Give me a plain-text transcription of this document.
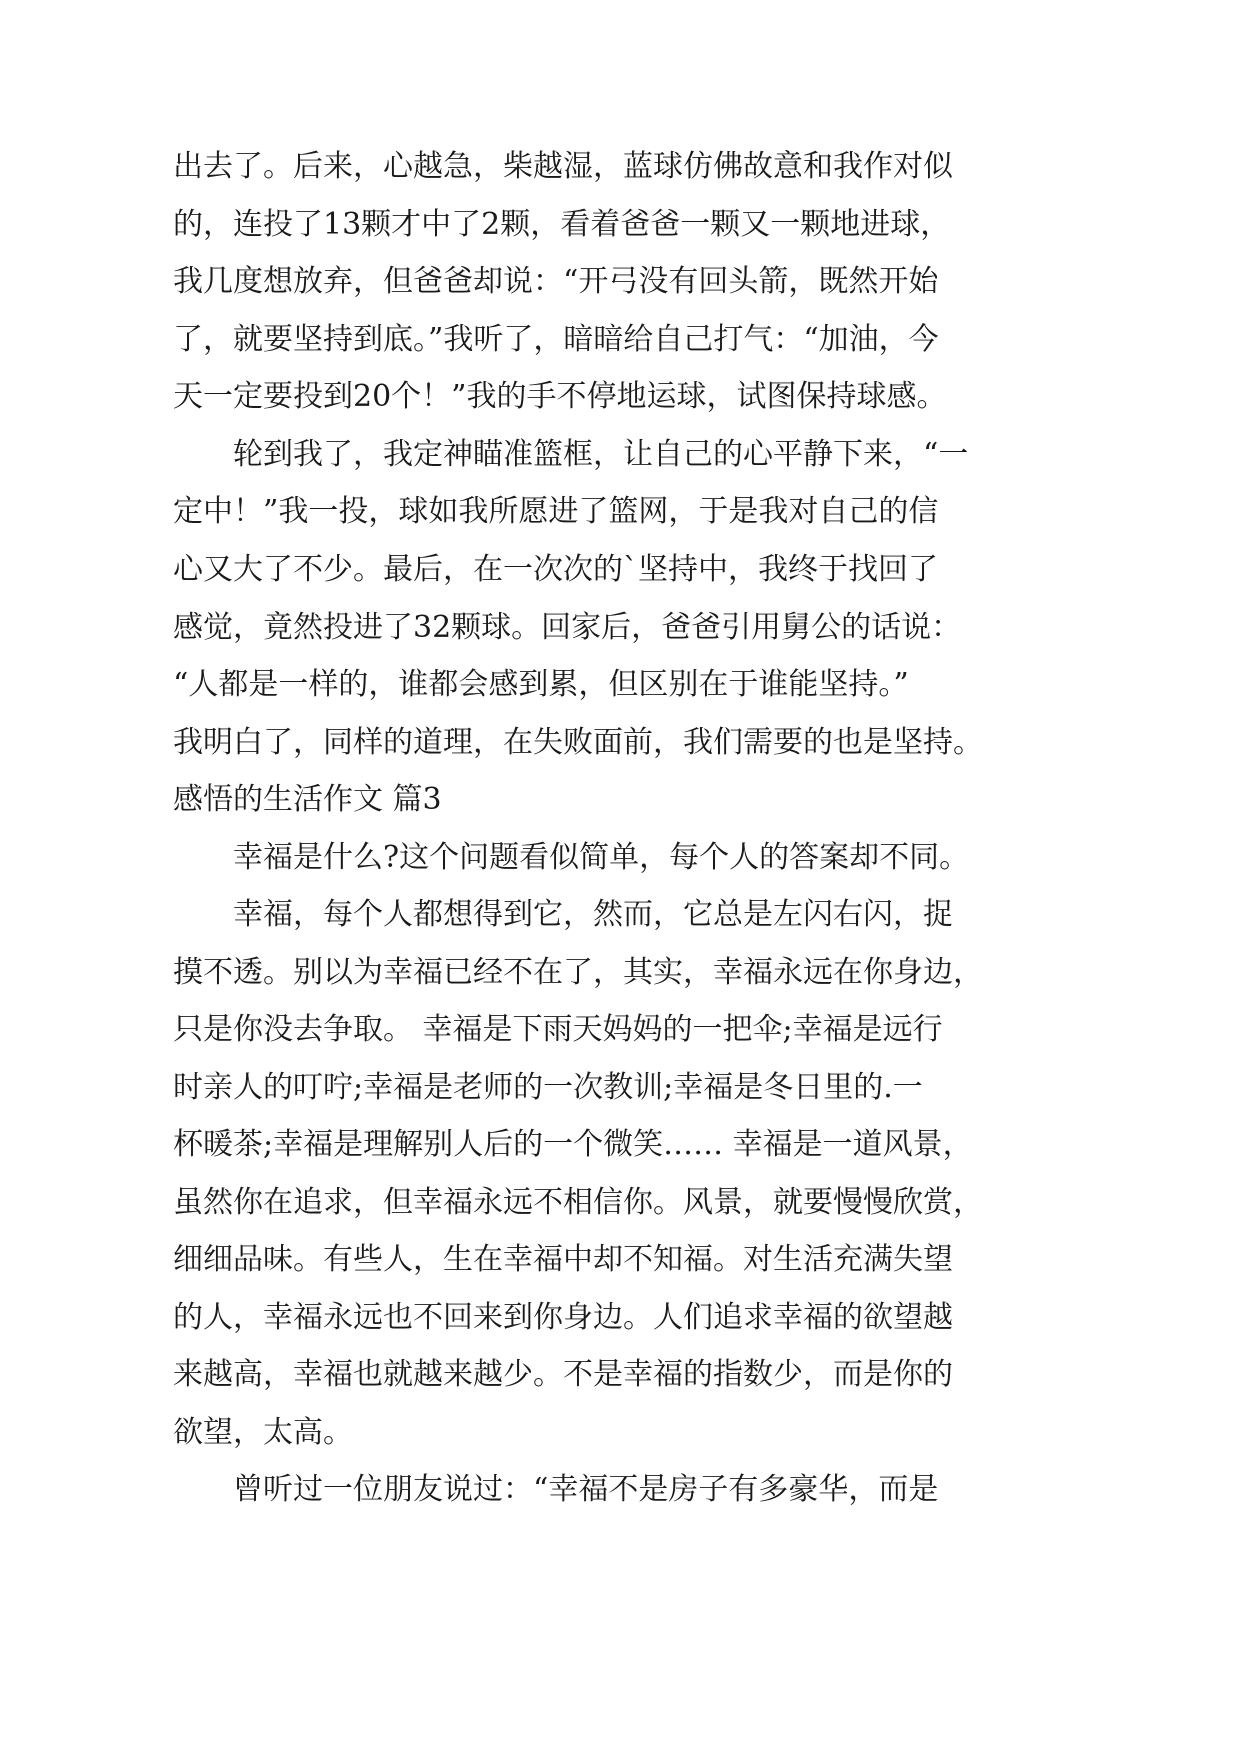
出去了。后来，心越急，柴越湿，蓝球仿佛故意和我作对似

的，连投了13颗才中了2颗，看着爸爸一颗又一颗地进球，

我几度想放弃，但爸爸却说：“开弓没有回头箭，既然开始

了，就要坚持到底。”我听了，暗暗给自己打气：“加油，今

天一定要投到20个！”我的手不停地运球，试图保持球感。

轮到我了，我定神瞄准篮框，让自己的心平静下来，“一

定中！”我一投，球如我所愿进了篮网，于是我对自己的信

心又大了不少。最后，在一次次的`坚持中，我终于找回了

感觉，竟然投进了32颗球。回家后，爸爸引用舅公的话说：

“人都是一样的，谁都会感到累，但区别在于谁能坚持。”

我明白了，同样的道理，在失败面前，我们需要的也是坚持。

感悟的生活作文 篇3

幸福是什么?这个问题看似简单，每个人的答案却不同。

幸福，每个人都想得到它，然而，它总是左闪右闪，捉

摸不透。别以为幸福已经不在了，其实，幸福永远在你身边，

只是你没去争取。 幸福是下雨天妈妈的一把伞;幸福是远行

时亲人的叮咛;幸福是老师的一次教训;幸福是冬日里的.一

杯暖茶;幸福是理解别人后的一个微笑…… 幸福是一道风景，

虽然你在追求，但幸福永远不相信你。风景，就要慢慢欣赏，

细细品味。有些人，生在幸福中却不知福。对生活充满失望

的人，幸福永远也不回来到你身边。人们追求幸福的欲望越

来越高，幸福也就越来越少。不是幸福的指数少，而是你的

欲望，太高。

曾听过一位朋友说过：“幸福不是房子有多豪华，而是
